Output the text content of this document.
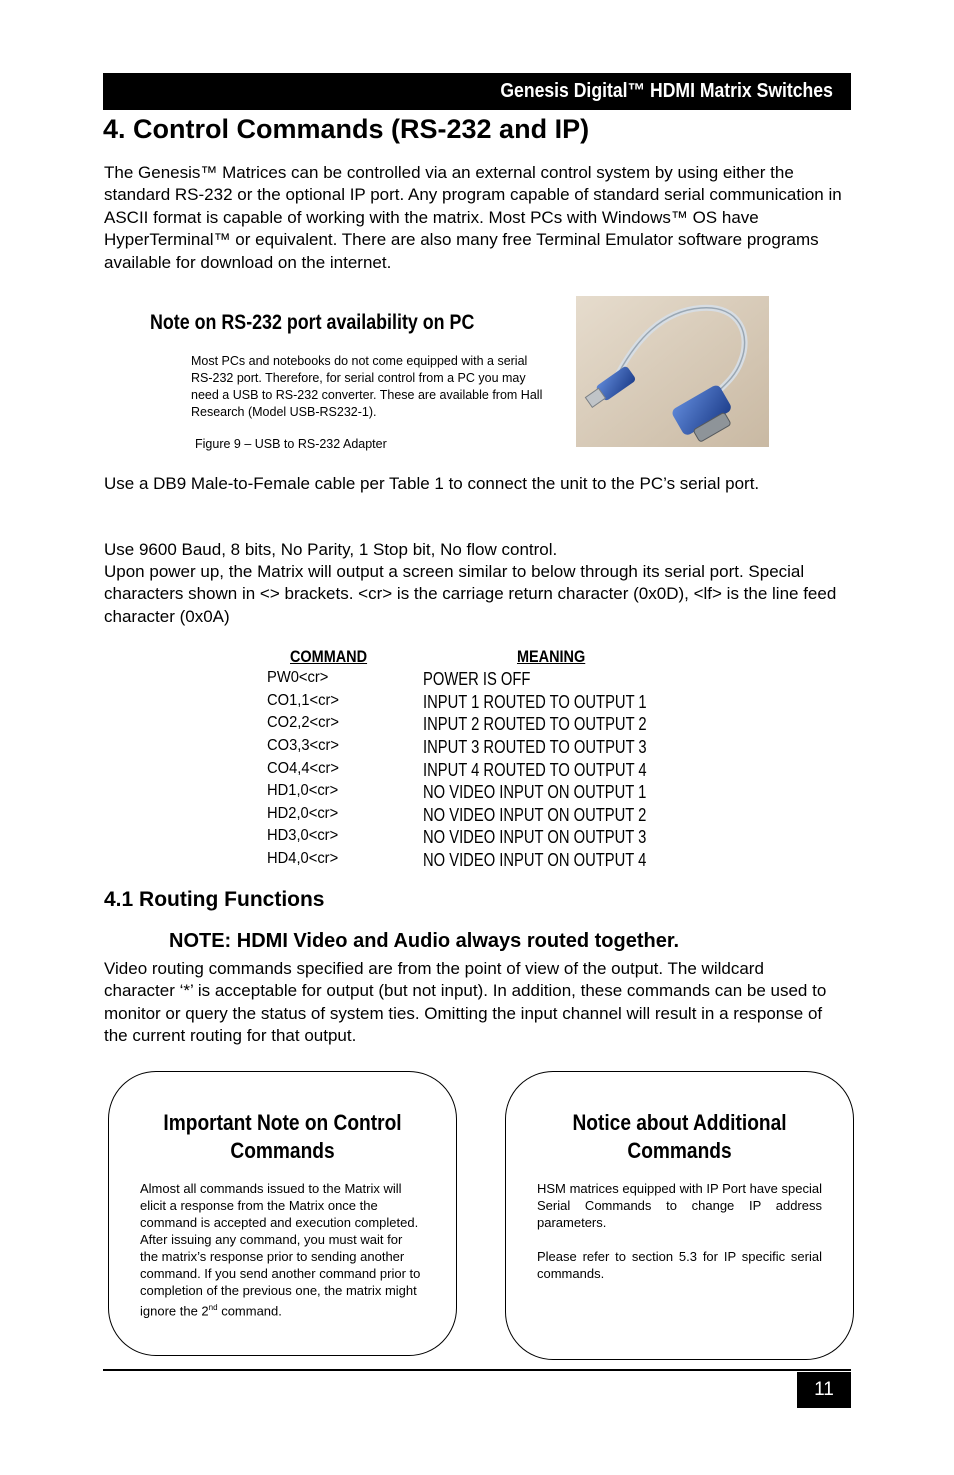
Genesis Digital™ HDMI Matrix Switches
4. Control Commands (RS-232 and IP)

The Genesis™ Matrices can be controlled via an external control system by using either the standard RS-232 or the optional IP port. Any program capable of standard serial communication in ASCII format is capable of working with the matrix. Most PCs with Windows™ OS have HyperTerminal™ or equivalent. There are also many free Terminal Emulator software programs available for download on the internet.

Note on RS-232 port availability on PC

Most PCs and notebooks do not come equipped with a serial RS-232 port. Therefore, for serial control from a PC you may need a USB to RS-232 converter. These are available from Hall Research (Model USB-RS232-1).

Figure 9 – USB to RS-232 Adapter

Use a DB9 Male-to-Female cable per Table 1 to connect the unit to the PC’s serial port.

Use 9600 Baud, 8 bits, No Parity, 1 Stop bit, No flow control.

Upon power up, the Matrix will output a screen similar to below through its serial port. Special characters shown in <> brackets. <cr> is the carriage return character (0x0D), <lf> is the line feed character (0x0A)

COMMAND	MEANING
PW0<cr>	POWER IS OFF
CO1,1<cr>	INPUT 1 ROUTED TO OUTPUT 1
CO2,2<cr>	INPUT 2 ROUTED TO OUTPUT 2
CO3,3<cr>	INPUT 3 ROUTED TO OUTPUT 3
CO4,4<cr>	INPUT 4 ROUTED TO OUTPUT 4
HD1,0<cr>	NO VIDEO INPUT ON OUTPUT 1
HD2,0<cr>	NO VIDEO INPUT ON OUTPUT 2
HD3,0<cr>	NO VIDEO INPUT ON OUTPUT 3
HD4,0<cr>	NO VIDEO INPUT ON OUTPUT 4
4.1 Routing Functions
NOTE: HDMI Video and Audio always routed together.

Video routing commands specified are from the point of view of the output. The wildcard character ‘*’ is acceptable for output (but not input). In addition, these commands can be used to monitor or query the status of system ties. Omitting the input channel will result in a response of the current routing for that output.

Important Note on Control
Commands

Almost all commands issued to the Matrix will elicit a response from the Matrix once the command is accepted and execution completed. After issuing any command, you must wait for the matrix’s response prior to sending another command. If you send another command prior to completion of the previous one, the matrix might ignore the 2nd command.

Notice about Additional
Commands

HSM matrices equipped with IP Port have special Serial Commands to change IP address parameters.

Please refer to section 5.3 for IP specific serial commands.

11
